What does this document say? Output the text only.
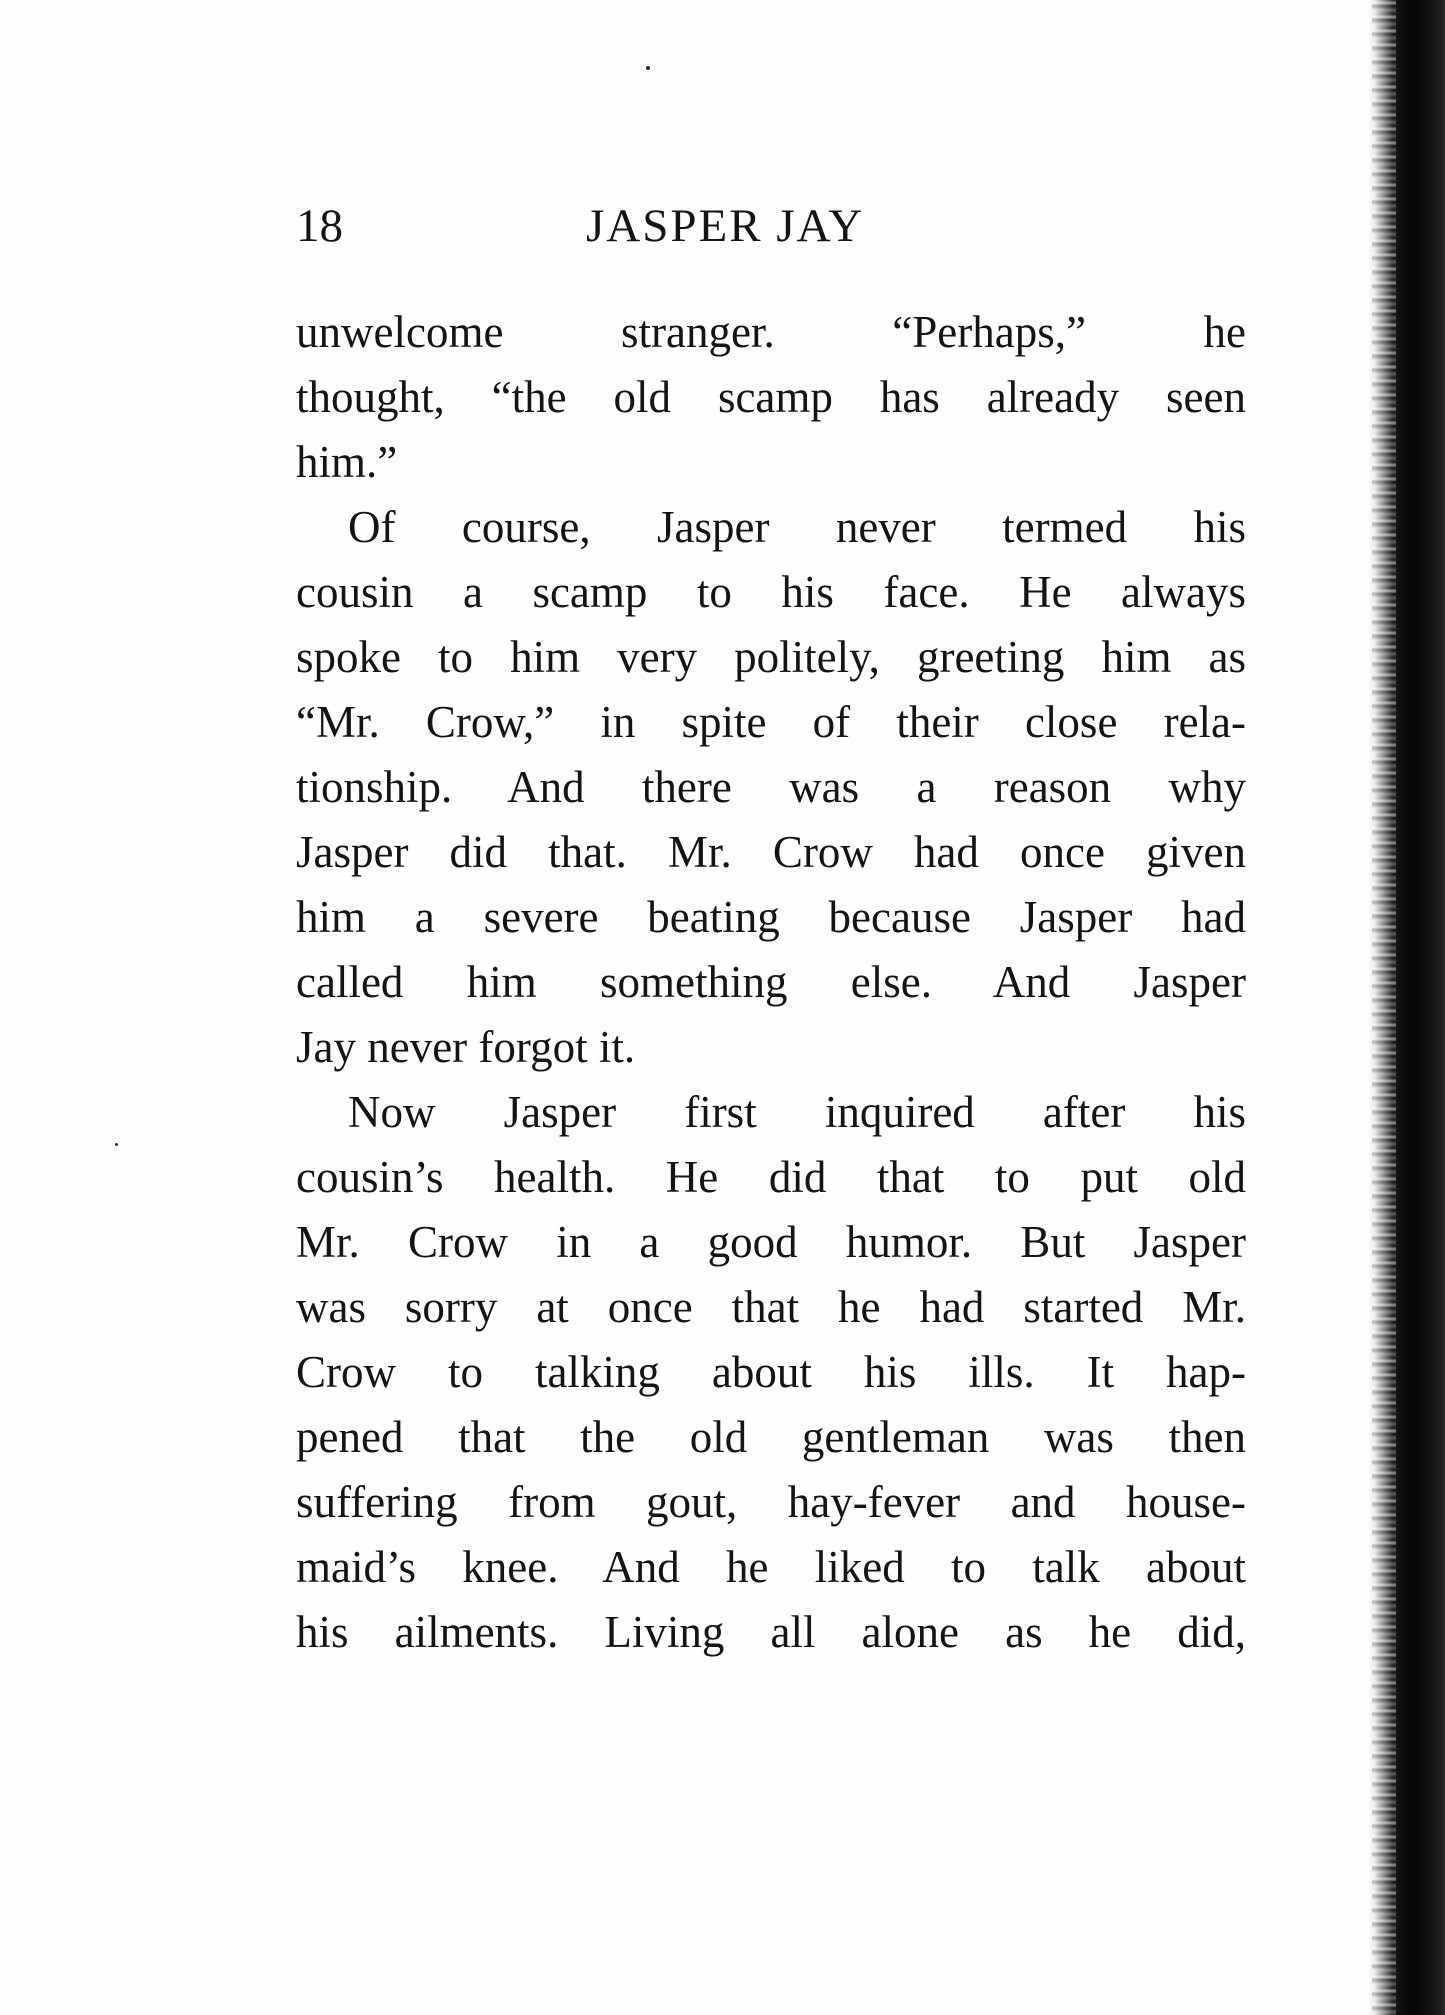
18	JASPER JAY
unwelcome stranger. “Perhaps,” he
thought, “the old scamp has already seen
him.”
Of course, Jasper never termed his
cousin a scamp to his face. He always
spoke to him very politely, greeting him as
“Mr. Crow,” in spite of their close rela-
tionship. And there was a reason why
Jasper did that. Mr. Crow had once given
him a severe beating because Jasper had
called him something else. And Jasper
Jay never forgot it.
Now Jasper first inquired after his
cousin’s health. He did that to put old
Mr. Crow in a good humor. But Jasper
was sorry at once that he had started Mr.
Crow to talking about his ills. It hap-
pened that the old gentleman was then
suffering from gout, hay-fever and house-
maid’s knee. And he liked to talk about
his ailments. Living all alone as he did,
